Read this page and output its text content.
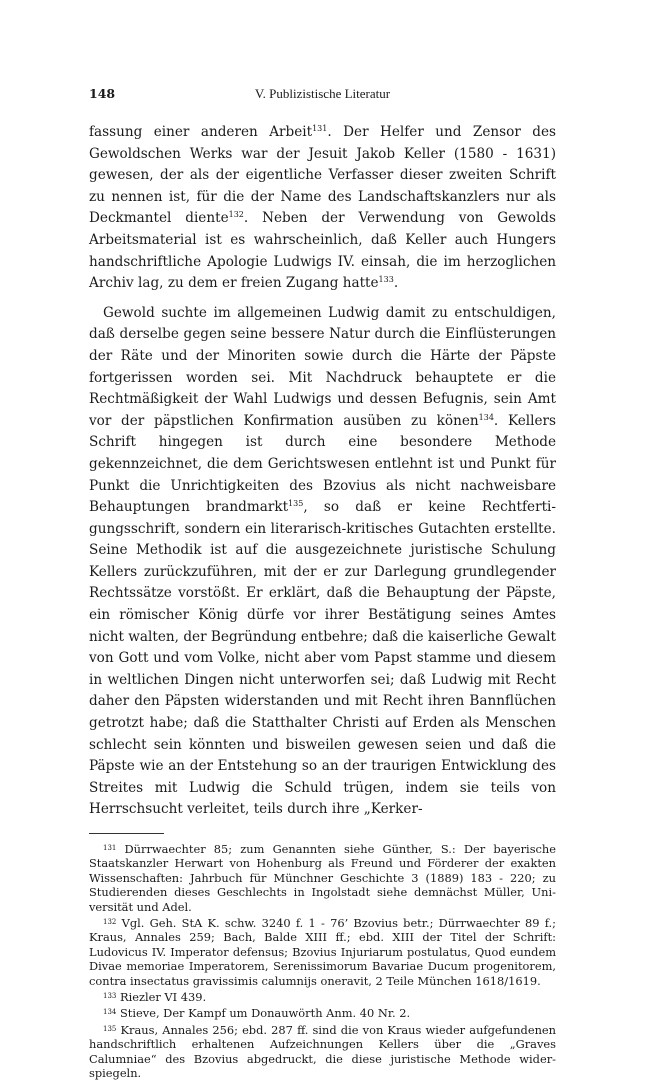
148	V. Publizistische Literatur

fassung einer anderen Arbeit$^{131}$. Der Helfer und Zensor des Gewoldschen Werks war der Jesuit Jakob Keller (1580 - 1631) gewesen, der als der eigentliche Verfasser dieser zweiten Schrift zu nennen ist, für die der Name des Landschaftskanzlers nur als Deckmantel diente$^{132}$. Neben der Verwendung von Gewolds Arbeitsmaterial ist es wahrscheinlich, daß Keller auch Hungers handschriftliche Apologie Ludwigs IV. einsah, die im herzoglichen Archiv lag, zu dem er freien Zugang hatte$^{133}$.

Gewold suchte im allgemeinen Ludwig damit zu entschuldigen, daß derselbe gegen seine bessere Natur durch die Einflüsterungen der Räte und der Minoriten sowie durch die Härte der Päpste fortgerissen worden sei. Mit Nachdruck behauptete er die Rechtmäßigkeit der Wahl Ludwigs und dessen Befugnis, sein Amt vor der päpstlichen Konfirmation ausüben zu könen$^{134}$. Kellers Schrift hingegen ist durch eine besondere Methode gekennzeichnet, die dem Gerichtswesen entlehnt ist und Punkt für Punkt die Unrichtigkeiten des Bzovius als nicht nachweisbare Behauptungen brandmarkt$^{135}$, so daß er keine Rechtfertigungsschrift, sondern ein literarisch-kritisches Gutachten erstellte. Seine Methodik ist auf die ausgezeichnete juristische Schulung Kellers zurückzuführen, mit der er zur Darlegung grundlegender Rechtssätze vorstößt. Er erklärt, daß die Behauptung der Päpste, ein römischer König dürfe vor ihrer Bestätigung seines Amtes nicht walten, der Begründung entbehre; daß die kaiserliche Gewalt von Gott und vom Volke, nicht aber vom Papst stamme und diesem in weltlichen Dingen nicht unterworfen sei; daß Ludwig mit Recht daher den Päpsten widerstanden und mit Recht ihren Bannflüchen getrotzt habe; daß die Statthalter Christi auf Erden als Menschen schlecht sein könnten und bisweilen gewesen seien und daß die Päpste wie an der Entstehung so an der traurigen Entwicklung des Streites mit Ludwig die Schuld trügen, indem sie teils von Herrschsucht verleitet, teils durch ihre „Kerker-

$^{131}$ Dürrwaechter 85; zum Genannten siehe Günther, S.: Der bayerische Staatskanzler Herwart von Hohenburg als Freund und Förderer der exakten Wissenschaften: Jahrbuch für Münchner Geschichte 3 (1889) 183 - 220; zu Studierenden dieses Geschlechts in Ingolstadt siehe demnächst Müller, Universität und Adel.

$^{132}$ Vgl. Geh. StA K. schw. 3240 f. 1 - 76’ Bzovius betr.; Dürrwaechter 89 f.; Kraus, Annales 259; Bach, Balde XIII ff.; ebd. XIII der Titel der Schrift: Ludovicus IV. Imperator defensus; Bzovius Injuriarum postulatus, Quod eundem Divae memoriae Imperatorem, Serenissimorum Bavariae Ducum progenitorem, contra insectatus gravissimis calumnijs oneravit, 2 Teile München 1618/1619.

$^{133}$ Riezler VI 439.

$^{134}$ Stieve, Der Kampf um Donauwörth Anm. 40 Nr. 2.

$^{135}$ Kraus, Annales 256; ebd. 287 ff. sind die von Kraus wieder aufgefundenen handschriftlich erhaltenen Aufzeichnungen Kellers über die „Graves Calumniae“ des Bzovius abgedruckt, die diese juristische Methode widerspiegeln.
